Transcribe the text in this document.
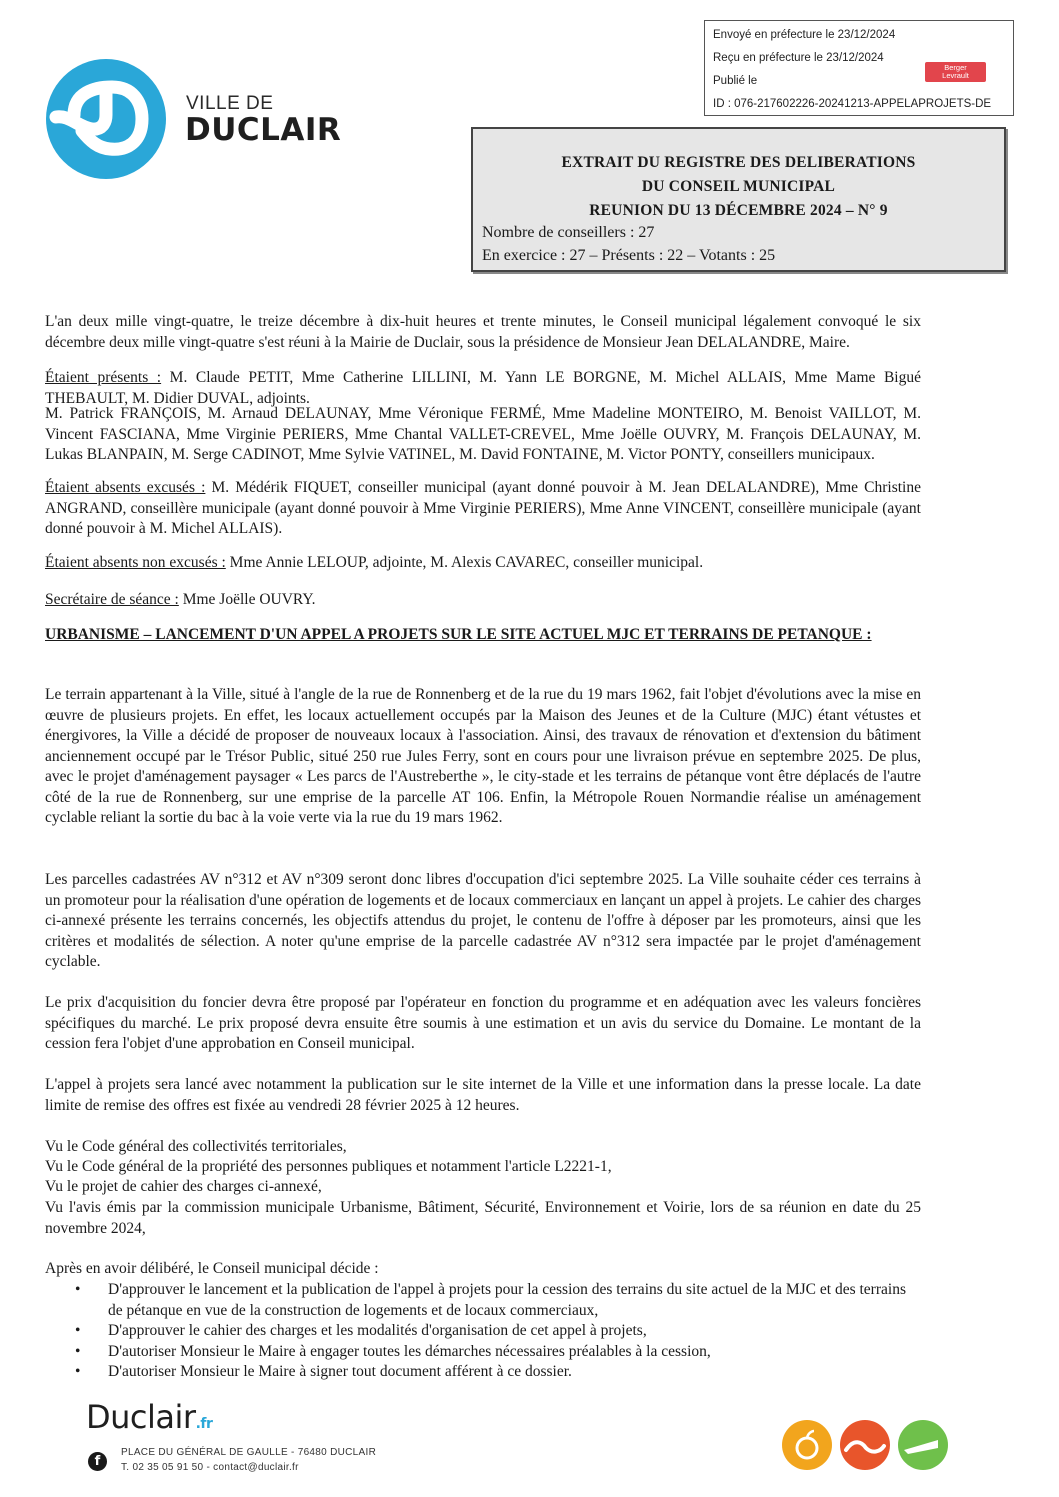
Envoyé en préfecture le 23/12/2024
Reçu en préfecture le 23/12/2024
Publié le
ID : 076-217602226-20241213-APPELAPROJETS-DE
Berger
Levrault
VILLE DE
DUCLAIR
EXTRAIT DU REGISTRE DES DELIBERATIONS
DU CONSEIL MUNICIPAL
REUNION DU 13 DÉCEMBRE 2024 – N° 9
Nombre de conseillers : 27
En exercice : 27 – Présents : 22 – Votants : 25
L'an deux mille vingt-quatre, le treize décembre à dix-huit heures et trente minutes, le Conseil municipal légalement convoqué le six décembre deux mille vingt-quatre s'est réuni à la Mairie de Duclair, sous la présidence de Monsieur Jean DELALANDRE, Maire.
Étaient présents : M. Claude PETIT, Mme Catherine LILLINI, M. Yann LE BORGNE, M. Michel ALLAIS, Mme Mame Bigué THEBAULT, M. Didier DUVAL, adjoints.
M. Patrick FRANÇOIS, M. Arnaud DELAUNAY, Mme Véronique FERMÉ, Mme Madeline MONTEIRO, M. Benoist VAILLOT, M. Vincent FASCIANA, Mme Virginie PERIERS, Mme Chantal VALLET-CREVEL, Mme Joëlle OUVRY, M. François DELAUNAY, M. Lukas BLANPAIN, M. Serge CADINOT, Mme Sylvie VATINEL, M. David FONTAINE, M. Victor PONTY, conseillers municipaux.
Étaient absents excusés : M. Médérik FIQUET, conseiller municipal (ayant donné pouvoir à M. Jean DELALANDRE), Mme Christine ANGRAND, conseillère municipale (ayant donné pouvoir à Mme Virginie PERIERS), Mme Anne VINCENT, conseillère municipale (ayant donné pouvoir à M. Michel ALLAIS).
Étaient absents non excusés : Mme Annie LELOUP, adjointe, M. Alexis CAVAREC, conseiller municipal.
Secrétaire de séance : Mme Joëlle OUVRY.
URBANISME – LANCEMENT D'UN APPEL A PROJETS SUR LE SITE ACTUEL MJC ET TERRAINS DE PETANQUE :
Le terrain appartenant à la Ville, situé à l'angle de la rue de Ronnenberg et de la rue du 19 mars 1962, fait l'objet d'évolutions avec la mise en œuvre de plusieurs projets. En effet, les locaux actuellement occupés par la Maison des Jeunes et de la Culture (MJC) étant vétustes et énergivores, la Ville a décidé de proposer de nouveaux locaux à l'association. Ainsi, des travaux de rénovation et d'extension du bâtiment anciennement occupé par le Trésor Public, situé 250 rue Jules Ferry, sont en cours pour une livraison prévue en septembre 2025. De plus, avec le projet d'aménagement paysager « Les parcs de l'Austreberthe », le city-stade et les terrains de pétanque vont être déplacés de l'autre côté de la rue de Ronnenberg, sur une emprise de la parcelle AT 106. Enfin, la Métropole Rouen Normandie réalise un aménagement cyclable reliant la sortie du bac à la voie verte via la rue du 19 mars 1962.
Les parcelles cadastrées AV n°312 et AV n°309 seront donc libres d'occupation d'ici septembre 2025. La Ville souhaite céder ces terrains à un promoteur pour la réalisation d'une opération de logements et de locaux commerciaux en lançant un appel à projets. Le cahier des charges ci-annexé présente les terrains concernés, les objectifs attendus du projet, le contenu de l'offre à déposer par les promoteurs, ainsi que les critères et modalités de sélection. A noter qu'une emprise de la parcelle cadastrée AV n°312 sera impactée par le projet d'aménagement cyclable.
Le prix d'acquisition du foncier devra être proposé par l'opérateur en fonction du programme et en adéquation avec les valeurs foncières spécifiques du marché. Le prix proposé devra ensuite être soumis à une estimation et un avis du service du Domaine. Le montant de la cession fera l'objet d'une approbation en Conseil municipal.
L'appel à projets sera lancé avec notamment la publication sur le site internet de la Ville et une information dans la presse locale. La date limite de remise des offres est fixée au vendredi 28 février 2025 à 12 heures.
Vu le Code général des collectivités territoriales,
Vu le Code général de la propriété des personnes publiques et notamment l'article L2221-1,
Vu le projet de cahier des charges ci-annexé,
Vu l'avis émis par la commission municipale Urbanisme, Bâtiment, Sécurité, Environnement et Voirie, lors de sa réunion en date du 25 novembre 2024,
Après en avoir délibéré, le Conseil municipal décide :
• D'approuver le lancement et la publication de l'appel à projets pour la cession des terrains du site actuel de la MJC et des terrains de pétanque en vue de la construction de logements et de locaux commerciaux,
• D'approuver le cahier des charges et les modalités d'organisation de cet appel à projets,
• D'autoriser Monsieur le Maire à engager toutes les démarches nécessaires préalables à la cession,
• D'autoriser Monsieur le Maire à signer tout document afférent à ce dossier.
Duclair.fr
f
PLACE DU GÉNÉRAL DE GAULLE - 76480 DUCLAIR
T. 02 35 05 91 50 - contact@duclair.fr
